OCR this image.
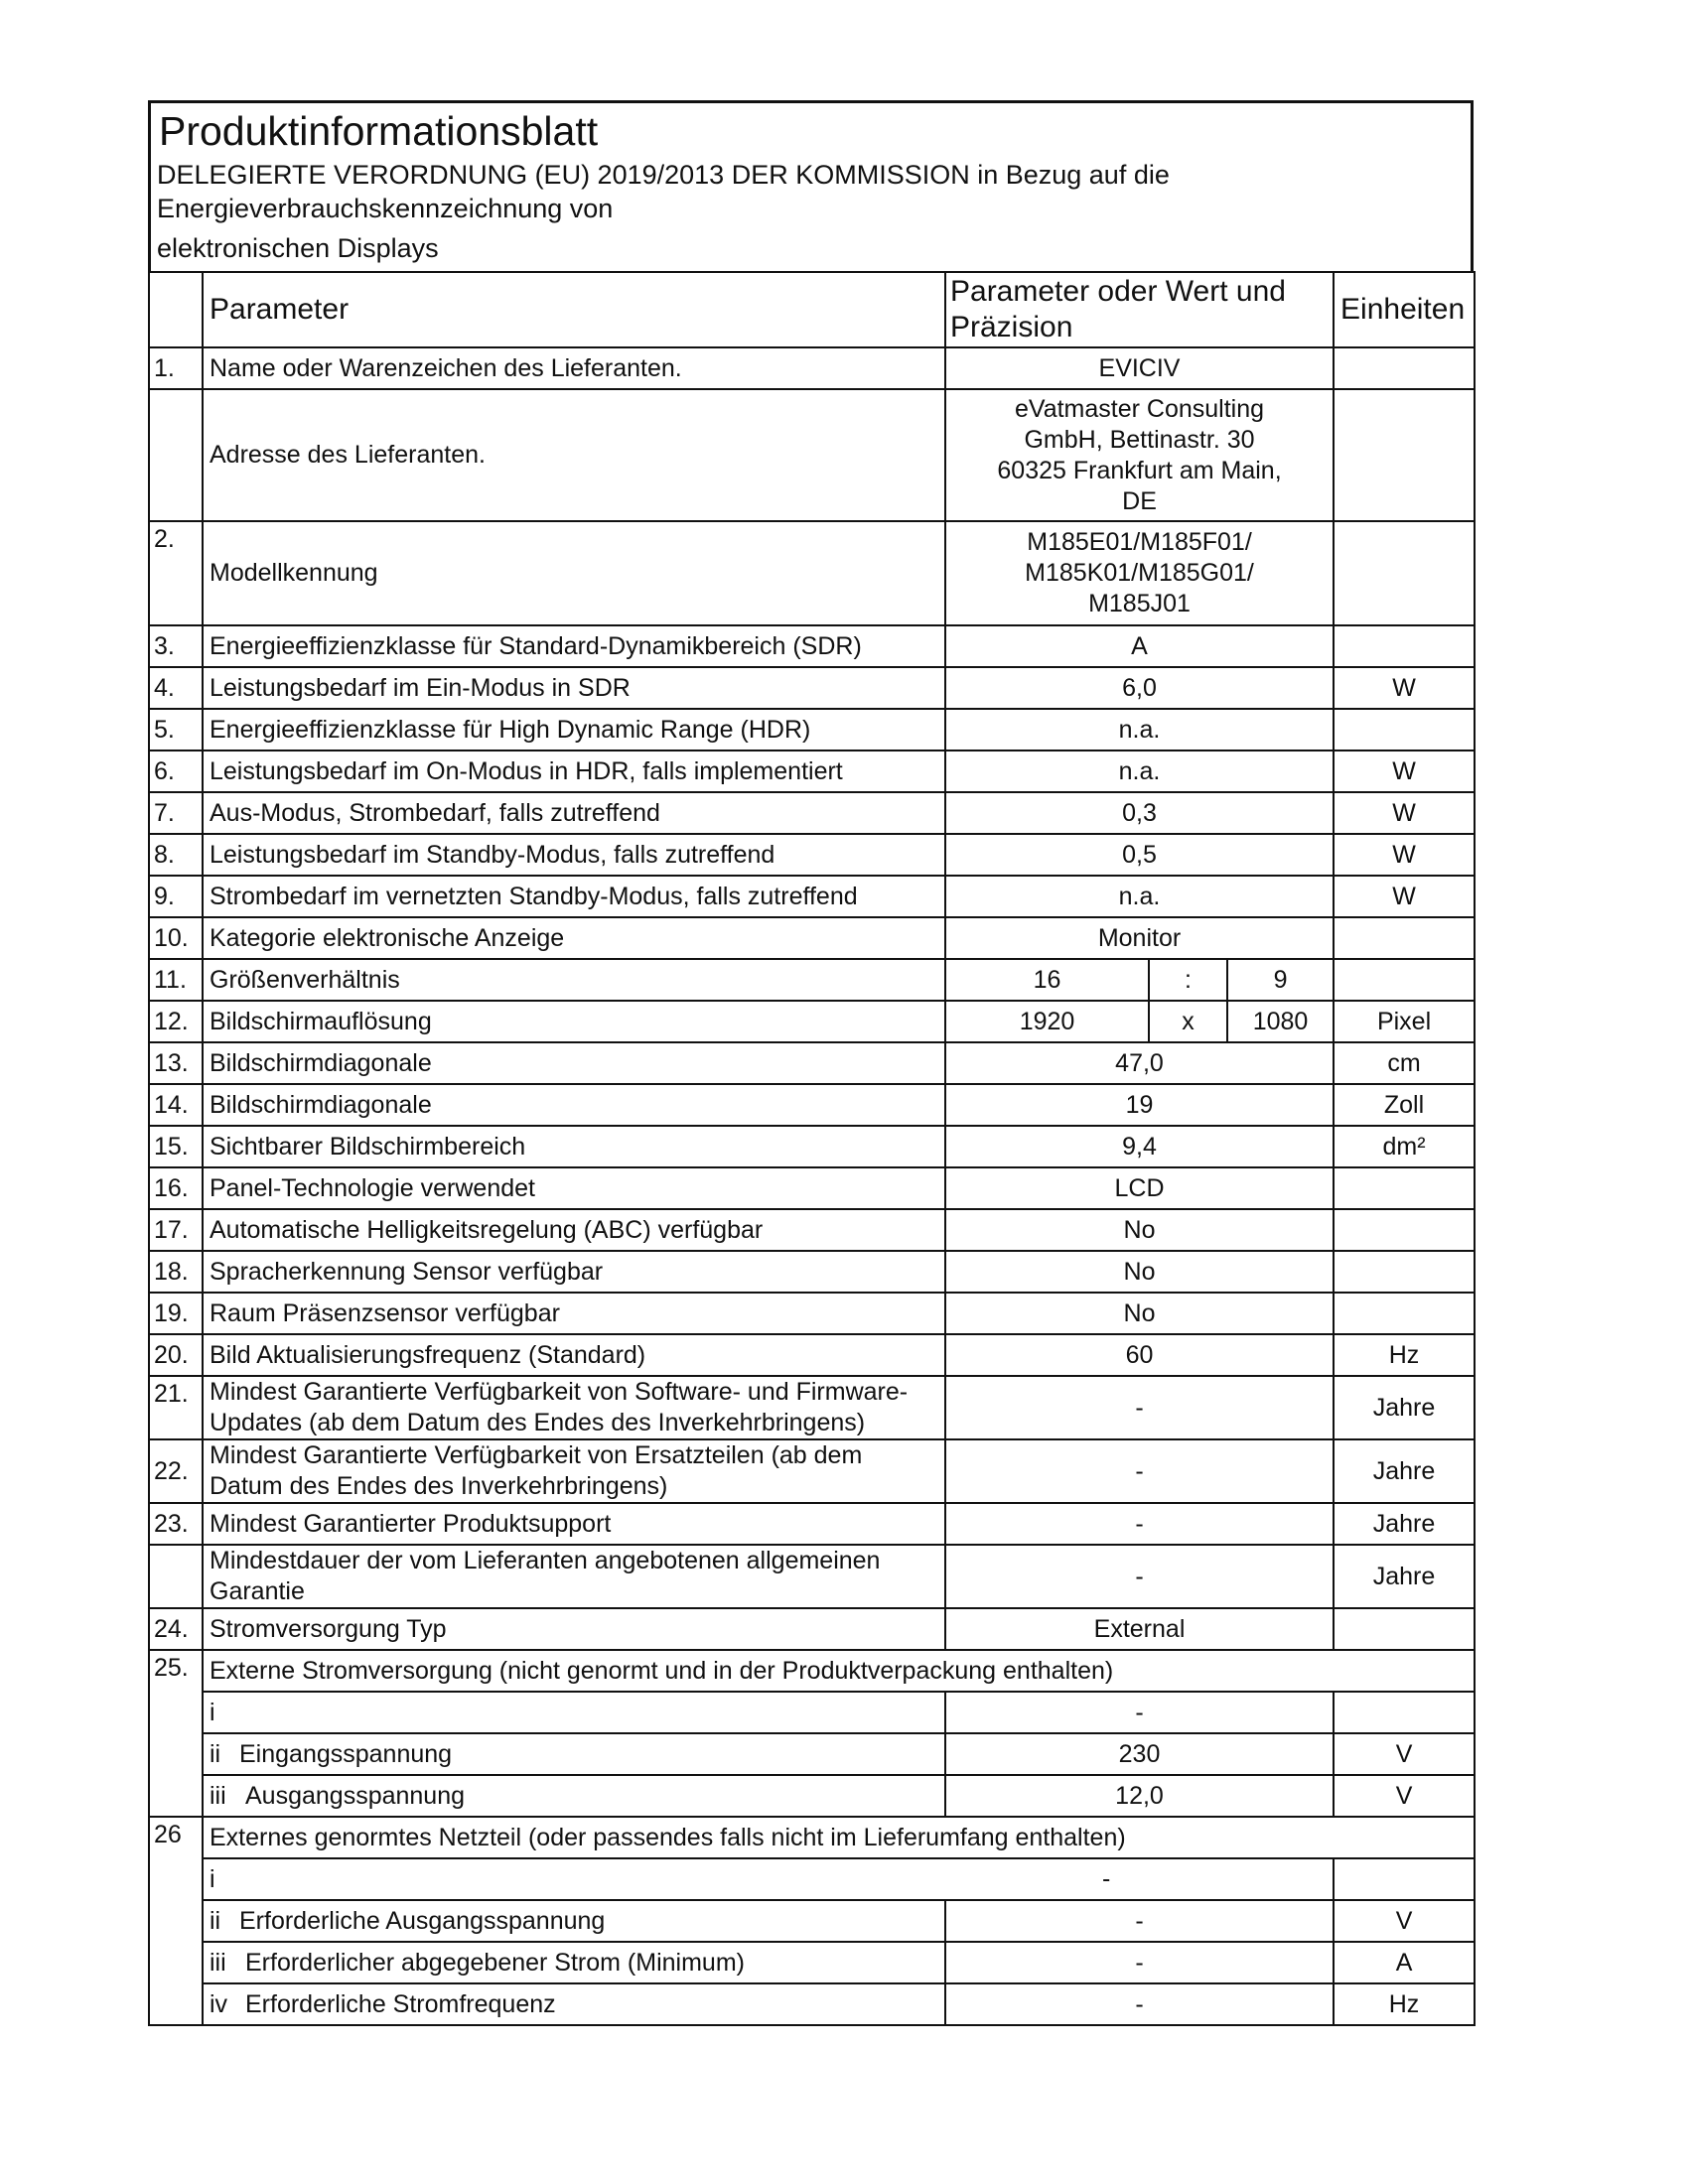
Produktinformationsblatt
DELEGIERTE VERORDNUNG (EU) 2019/2013 DER KOMMISSION in Bezug auf die
Energieverbrauchskennzeichnung von
elektronischen Displays
	Parameter	Parameter oder Wert und Präzision			Einheiten
1.	Name oder Warenzeichen des Lieferanten.	EVICIV			
	Adresse des Lieferanten.	eVatmaster Consulting
GmbH, Bettinastr. 30
60325 Frankfurt am Main,
DE			

2.	Modellkennung	M185E01/M185F01/
M185K01/M185G01/
M185J01			

3.	Energieeffizienzklasse für Standard-Dynamikbereich (SDR)	A			
4.	Leistungsbedarf im Ein-Modus in SDR	6,0			W
5.	Energieeffizienzklasse für High Dynamic Range (HDR)	n.a.			
6.	Leistungsbedarf im On-Modus in HDR, falls implementiert	n.a.			W
7.	Aus-Modus, Strombedarf, falls zutreffend	0,3			W
8.	Leistungsbedarf im Standby-Modus, falls zutreffend	0,5			W
9.	Strombedarf im vernetzten Standby-Modus, falls zutreffend	n.a.			W
10.	Kategorie elektronische Anzeige	Monitor			
11.	Größenverhältnis	16	:	9	
12.	Bildschirmauflösung	1920	x	1080	Pixel
13.	Bildschirmdiagonale	47,0			cm
14.	Bildschirmdiagonale	19			Zoll
15.	Sichtbarer Bildschirmbereich	9,4			dm²
16.	Panel-Technologie verwendet	LCD			
17.	Automatische Helligkeitsregelung (ABC) verfügbar	No			
18.	Spracherkennung Sensor verfügbar	No			
19.	Raum Präsenzsensor verfügbar	No			
20.	Bild Aktualisierungsfrequenz (Standard)	60			Hz
21.	Mindest Garantierte Verfügbarkeit von Software- und Firmware-
Updates (ab dem Datum des Endes des Inverkehrbringens)	-			Jahre
22.	Mindest Garantierte Verfügbarkeit von Ersatzteilen (ab dem
Datum des Endes des Inverkehrbringens)	-			Jahre
23.	Mindest Garantierter Produktsupport	-			Jahre

	Mindestdauer der vom Lieferanten angebotenen allgemeinen
Garantie	-			Jahre
24.	Stromversorgung Typ	External			
25.	Externe Stromversorgung (nicht genormt und in der Produktverpackung enthalten)				
	i	-			
	ii Eingangsspannung	230			V
	iii Ausgangsspannung	12,0			V
26	Externes genormtes Netzteil (oder passendes falls nicht im Lieferumfang enthalten)				
	i -				

	ii Erforderliche Ausgangsspannung	-			V
	iii Erforderlicher abgegebener Strom (Minimum)	-			A
	iv Erforderliche Stromfrequenz	-			Hz
